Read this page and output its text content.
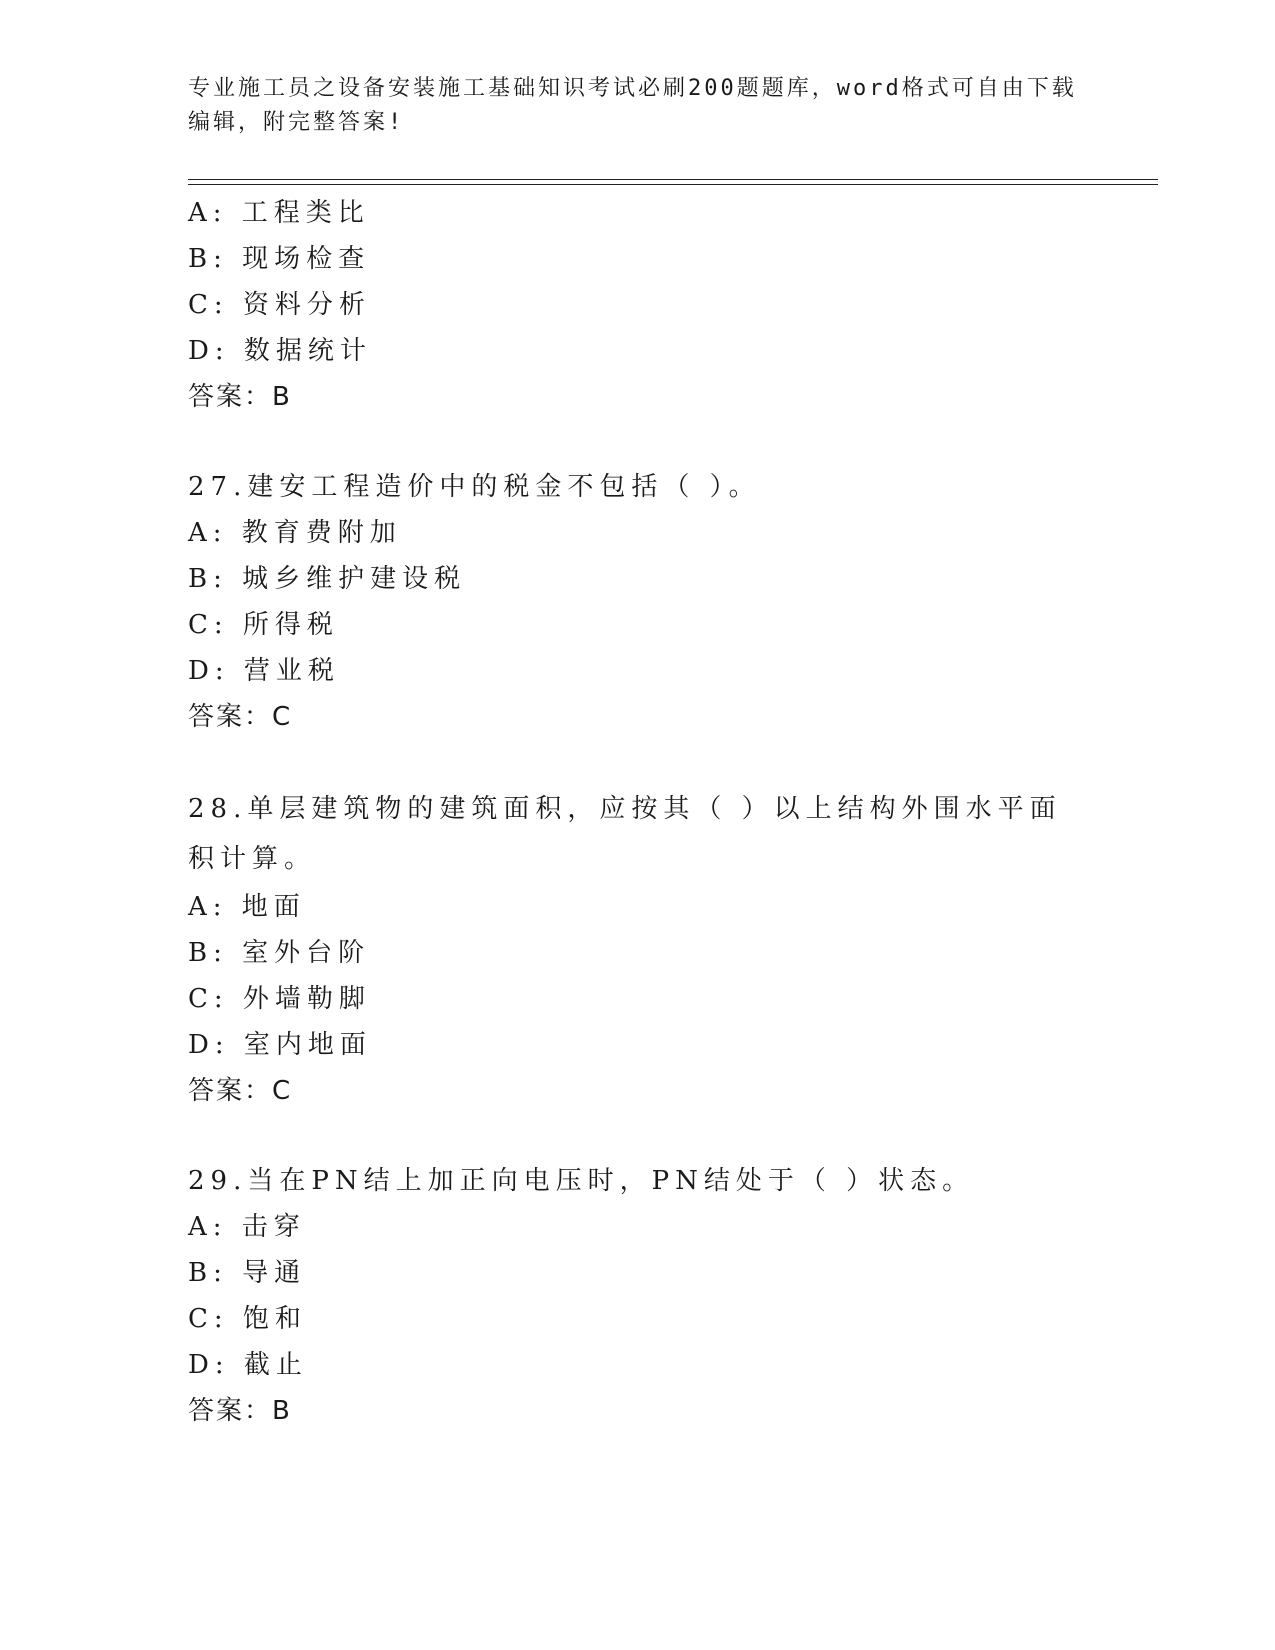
专业施工员之设备安装施工基础知识考试必刷200题题库，word格式可自由下载编辑，附完整答案!
A: 工程类比
B: 现场检查
C: 资料分析
D: 数据统计
答案：B
27.建安工程造价中的税金不包括（ ）。
A: 教育费附加
B: 城乡维护建设税
C: 所得税
D: 营业税
答案：C
28.单层建筑物的建筑面积，应按其（ ）以上结构外围水平面积计算。
A: 地面
B: 室外台阶
C: 外墙勒脚
D: 室内地面
答案：C
29.当在PN结上加正向电压时，PN结处于（ ）状态。
A: 击穿
B: 导通
C: 饱和
D: 截止
答案：B
